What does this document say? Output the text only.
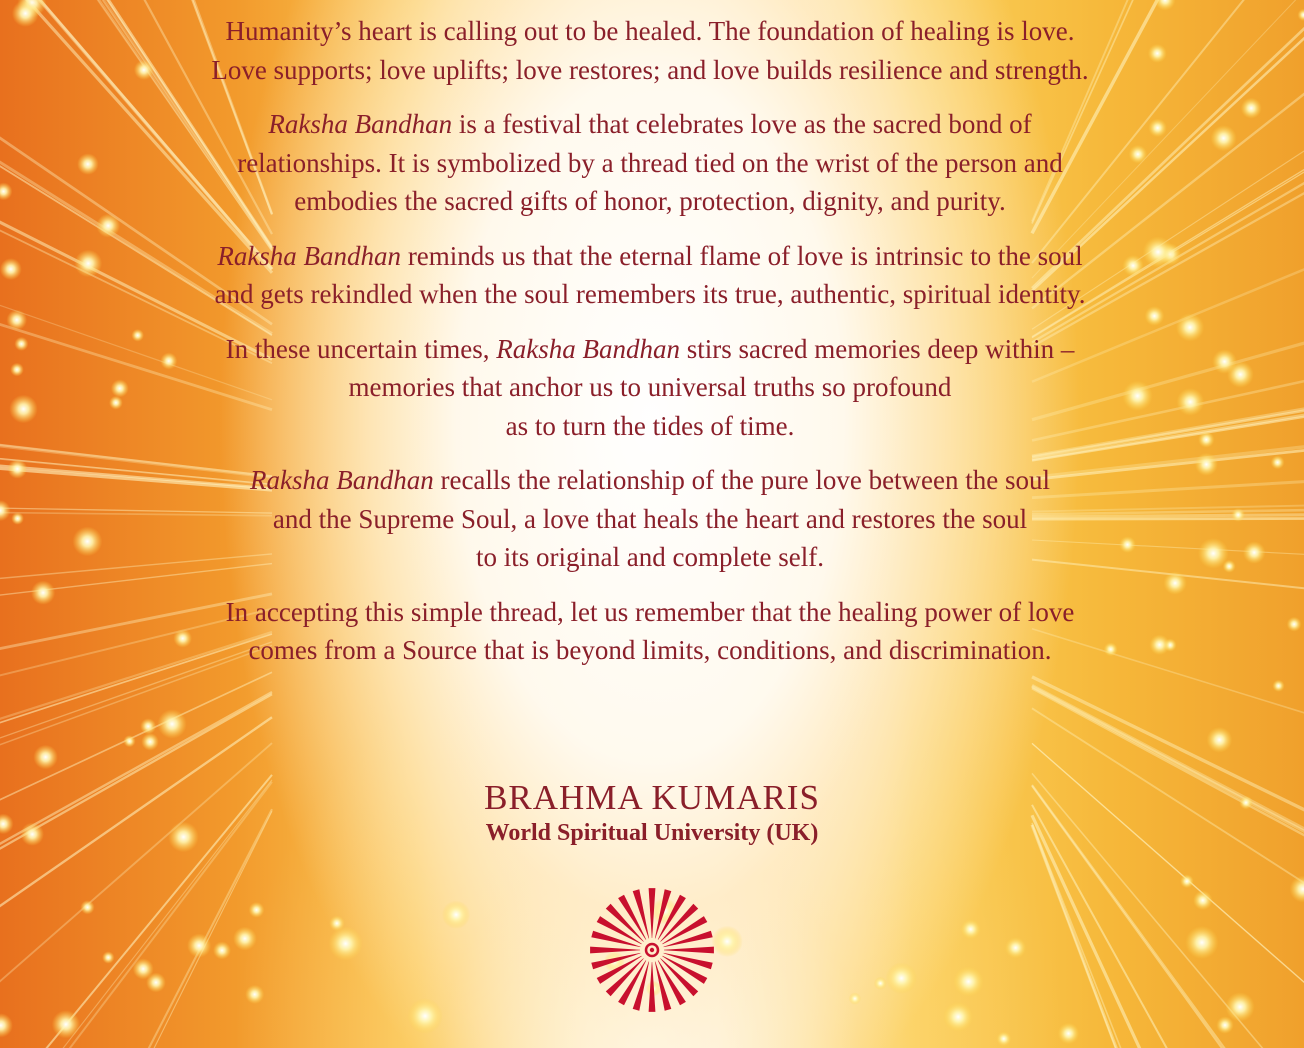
Humanity’s heart is calling out to be healed. The foundation of healing is love.
Love supports; love uplifts; love restores; and love builds resilience and strength.

Raksha Bandhan is a festival that celebrates love as the sacred bond of
relationships. It is symbolized by a thread tied on the wrist of the person and
embodies the sacred gifts of honor, protection, dignity, and purity.

Raksha Bandhan reminds us that the eternal flame of love is intrinsic to the soul
and gets rekindled when the soul remembers its true, authentic, spiritual identity.

In these uncertain times, Raksha Bandhan stirs sacred memories deep within –
memories that anchor us to universal truths so profound
as to turn the tides of time.

Raksha Bandhan recalls the relationship of the pure love between the soul
and the Supreme Soul, a love that heals the heart and restores the soul
to its original and complete self.

In accepting this simple thread, let us remember that the healing power of love
comes from a Source that is beyond limits, conditions, and discrimination.

BRAHMA KUMARIS
World Spiritual University (UK)
